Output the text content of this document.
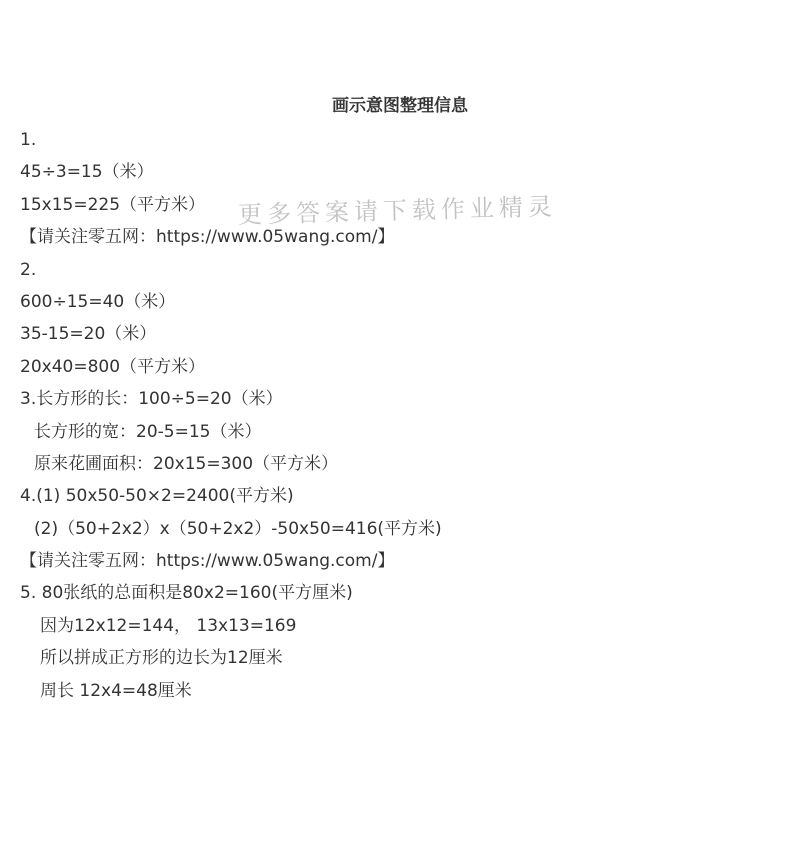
画示意图整理信息
1.
45÷3=15（米）
15x15=225（平方米）
【请关注零五网：https://www.05wang.com/】
2.
600÷15=40（米）
35-15=20（米）
20x40=800（平方米）
3.长方形的长：100÷5=20（米）
长方形的宽：20-5=15（米）
原来花圃面积：20x15=300（平方米）
4.(1) 50x50-50×2=2400(平方米)
(2)（50+2x2）x（50+2x2）-50x50=416(平方米)
【请关注零五网：https://www.05wang.com/】
5. 80张纸的总面积是80x2=160(平方厘米)
因为12x12=144， 13x13=169
所以拼成正方形的边长为12厘米
周长 12x4=48厘米
更多答案请下载作业精灵
